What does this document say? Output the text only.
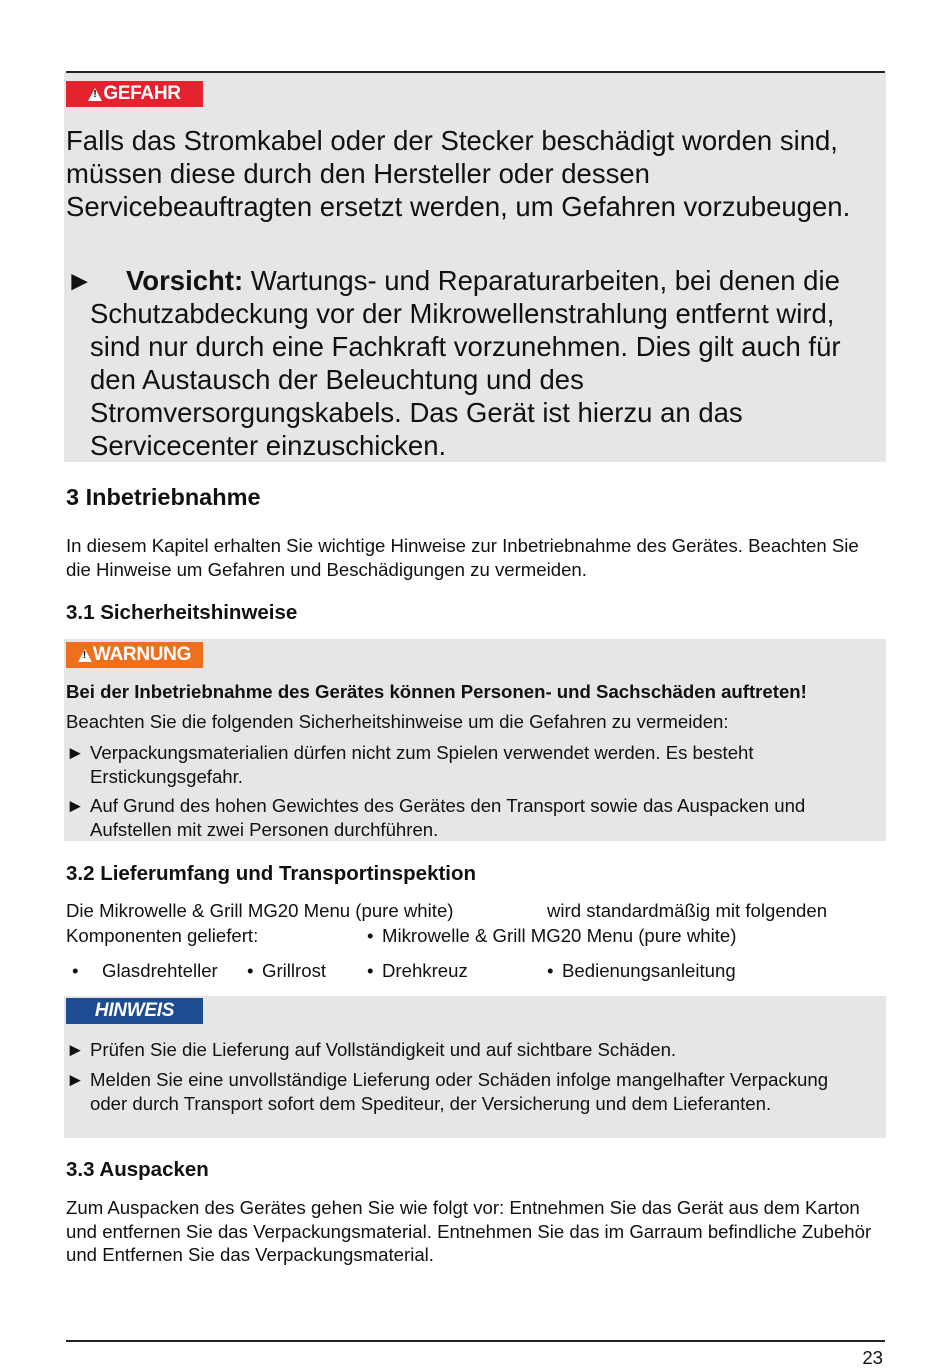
!
GEFAHR

Falls das Stromkabel oder der Stecker beschädigt worden sind, müssen diese durch den Hersteller oder dessen Servicebeauftragten ersetzt werden, um Gefahren vorzubeugen.

►	Vorsicht: Wartungs- und Reparaturarbeiten, bei denen die Schutzabdeckung vor der Mikrowellenstrahlung entfernt wird, sind nur durch eine Fachkraft vorzunehmen. Dies gilt auch für den Austausch der Beleuchtung und des Stromversorgungskabels. Das Gerät ist hierzu an das Servicecenter einzuschicken.
3 Inbetriebnahme

In diesem Kapitel erhalten Sie wichtige Hinweise zur Inbetriebnahme des Gerätes. Beachten Sie die Hinweise um Gefahren und Beschädigungen zu vermeiden.

3.1 Sicherheitshinweise
!
WARNUNG

Bei der Inbetriebnahme des Gerätes können Personen- und Sachschäden auftreten!

Beachten Sie die folgenden Sicherheitshinweise um die Gefahren zu vermeiden:

► Verpackungsmaterialien dürfen nicht zum Spielen verwendet werden. Es besteht Erstickungsgefahr.
► Auf Grund des hohen Gewichtes des Gerätes den Transport sowie das Auspacken und Aufstellen mit zwei Personen durchführen.
3.2 Lieferumfang und Transportinspektion

Die Mikrowelle & Grill MG20 Menu (pure white)	wird standardmäßig mit folgenden

Komponenten geliefert:	• Mikrowelle & Grill MG20 Menu (pure white)
• Glasdrehteller • Grillrost • Drehkreuz	• Bedienungsanleitung
HINWEIS
► Prüfen Sie die Lieferung auf Vollständigkeit und auf sichtbare Schäden.
► Melden Sie eine unvollständige Lieferung oder Schäden infolge mangelhafter Verpackung oder durch Transport sofort dem Spediteur, der Versicherung und dem Lieferanten.
3.3 Auspacken

Zum Auspacken des Gerätes gehen Sie wie folgt vor: Entnehmen Sie das Gerät aus dem Karton und entfernen Sie das Verpackungsmaterial. Entnehmen Sie das im Garraum befindliche Zubehör und Entfernen Sie das Verpackungsmaterial.

23
